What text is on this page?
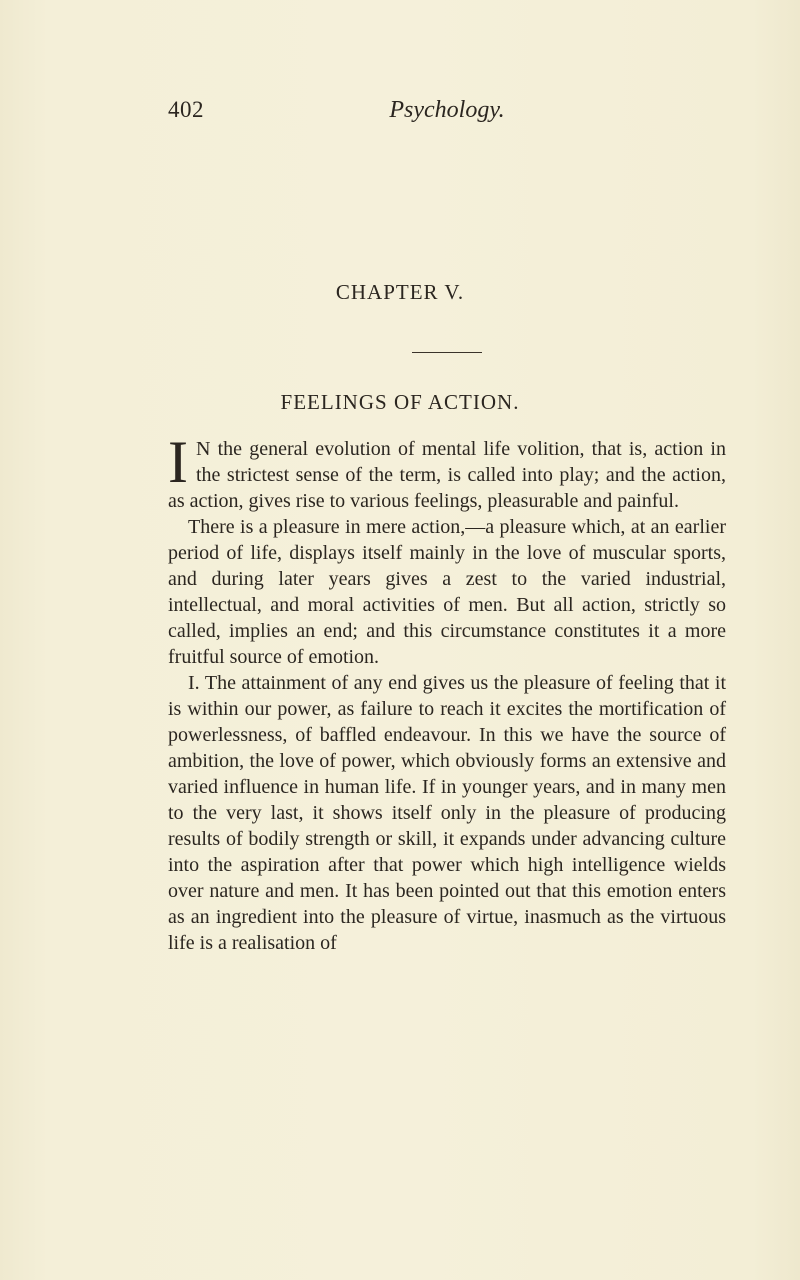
402	Psychology.
CHAPTER V.
FEELINGS OF ACTION.

I N the general evolution of mental life volition, that is, action in the strictest sense of the term, is called into play; and the action, as action, gives rise to various feelings, pleasurable and painful.

There is a pleasure in mere action,—a pleasure which, at an earlier period of life, displays itself mainly in the love of muscular sports, and during later years gives a zest to the varied industrial, intellectual, and moral activities of men. But all action, strictly so called, implies an end; and this circumstance constitutes it a more fruitful source of emotion.

I. The attainment of any end gives us the pleasure of feeling that it is within our power, as failure to reach it excites the mortification of powerlessness, of baffled endeavour. In this we have the source of ambition, the love of power, which obviously forms an extensive and varied influence in human life. If in younger years, and in many men to the very last, it shows itself only in the pleasure of producing results of bodily strength or skill, it expands under advancing culture into the aspiration after that power which high intelligence wields over nature and men. It has been pointed out that this emotion enters as an ingredient into the pleasure of virtue, inasmuch as the virtuous life is a realisation of
